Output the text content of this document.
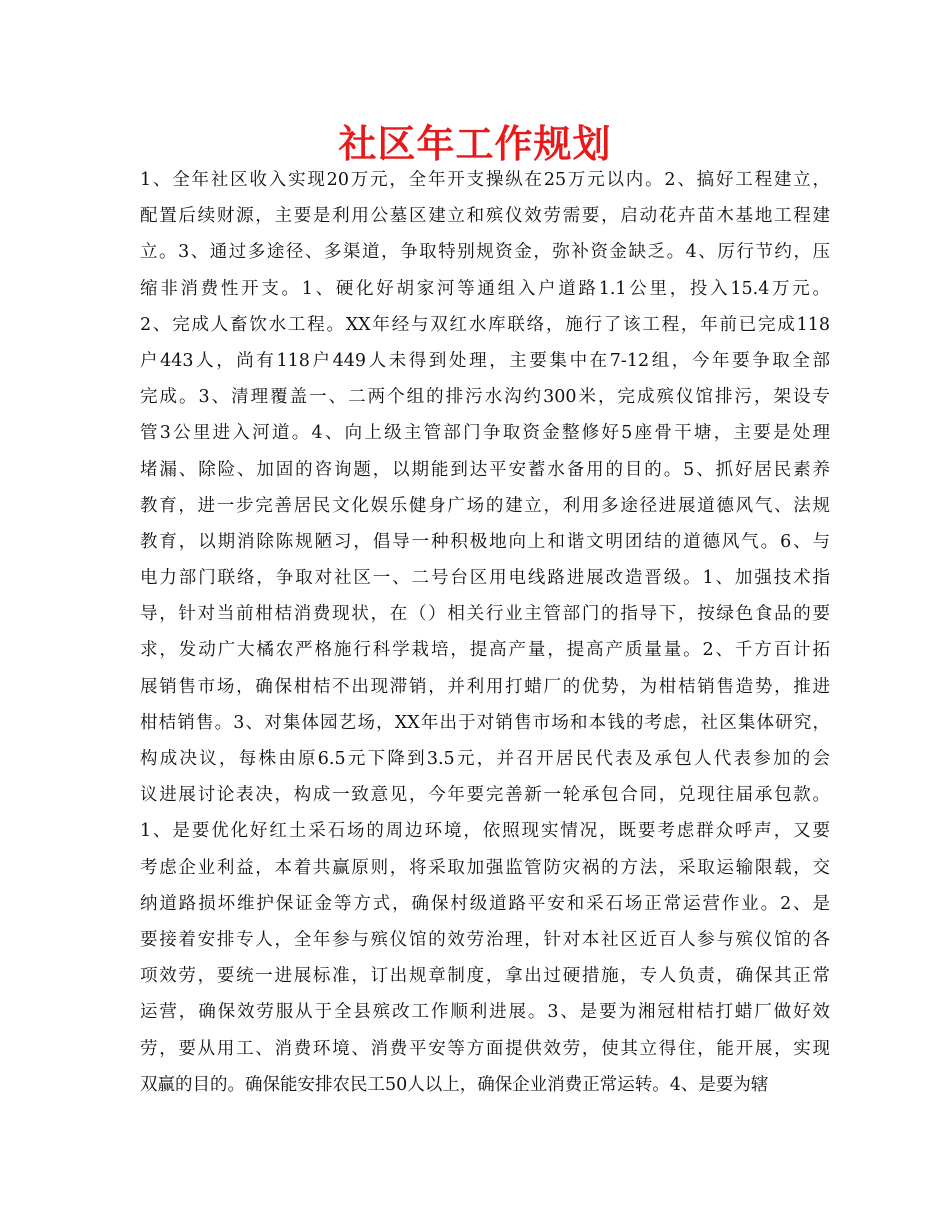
社区年工作规划
1、全年社区收入实现20万元，全年开支操纵在25万元以内。2、搞好工程建立，
配置后续财源，主要是利用公墓区建立和殡仪效劳需要，启动花卉苗木基地工程建
立。3、通过多途径、多渠道，争取特别规资金，弥补资金缺乏。4、厉行节约，压
缩非消费性开支。1、硬化好胡家河等通组入户道路1.1公里，投入15.4万元。
2、完成人畜饮水工程。XX年经与双红水库联络，施行了该工程，年前已完成118
户443人，尚有118户449人未得到处理，主要集中在7-12组，今年要争取全部
完成。3、清理覆盖一、二两个组的排污水沟约300米，完成殡仪馆排污，架设专
管3公里进入河道。4、向上级主管部门争取资金整修好5座骨干塘，主要是处理
堵漏、除险、加固的咨询题，以期能到达平安蓄水备用的目的。5、抓好居民素养
教育，进一步完善居民文化娱乐健身广场的建立，利用多途径进展道德风气、法规
教育，以期消除陈规陋习，倡导一种积极地向上和谐文明团结的道德风气。6、与
电力部门联络，争取对社区一、二号台区用电线路进展改造晋级。1、加强技术指
导，针对当前柑桔消费现状，在（）相关行业主管部门的指导下，按绿色食品的要
求，发动广大橘农严格施行科学栽培，提高产量，提高产质量量。2、千方百计拓
展销售市场，确保柑桔不出现滞销，并利用打蜡厂的优势，为柑桔销售造势，推进
柑桔销售。3、对集体园艺场，XX年出于对销售市场和本钱的考虑，社区集体研究，
构成决议，每株由原6.5元下降到3.5元，并召开居民代表及承包人代表参加的会
议进展讨论表决，构成一致意见，今年要完善新一轮承包合同，兑现往届承包款。
1、是要优化好红土采石场的周边环境，依照现实情况，既要考虑群众呼声，又要
考虑企业利益，本着共赢原则，将采取加强监管防灾祸的方法，采取运输限载，交
纳道路损坏维护保证金等方式，确保村级道路平安和采石场正常运营作业。2、是
要接着安排专人，全年参与殡仪馆的效劳治理，针对本社区近百人参与殡仪馆的各
项效劳，要统一进展标准，订出规章制度，拿出过硬措施，专人负责，确保其正常
运营，确保效劳服从于全县殡改工作顺利进展。3、是要为湘冠柑桔打蜡厂做好效
劳，要从用工、消费环境、消费平安等方面提供效劳，使其立得住，能开展，实现
双赢的目的。确保能安排农民工50人以上，确保企业消费正常运转。4、是要为辖
